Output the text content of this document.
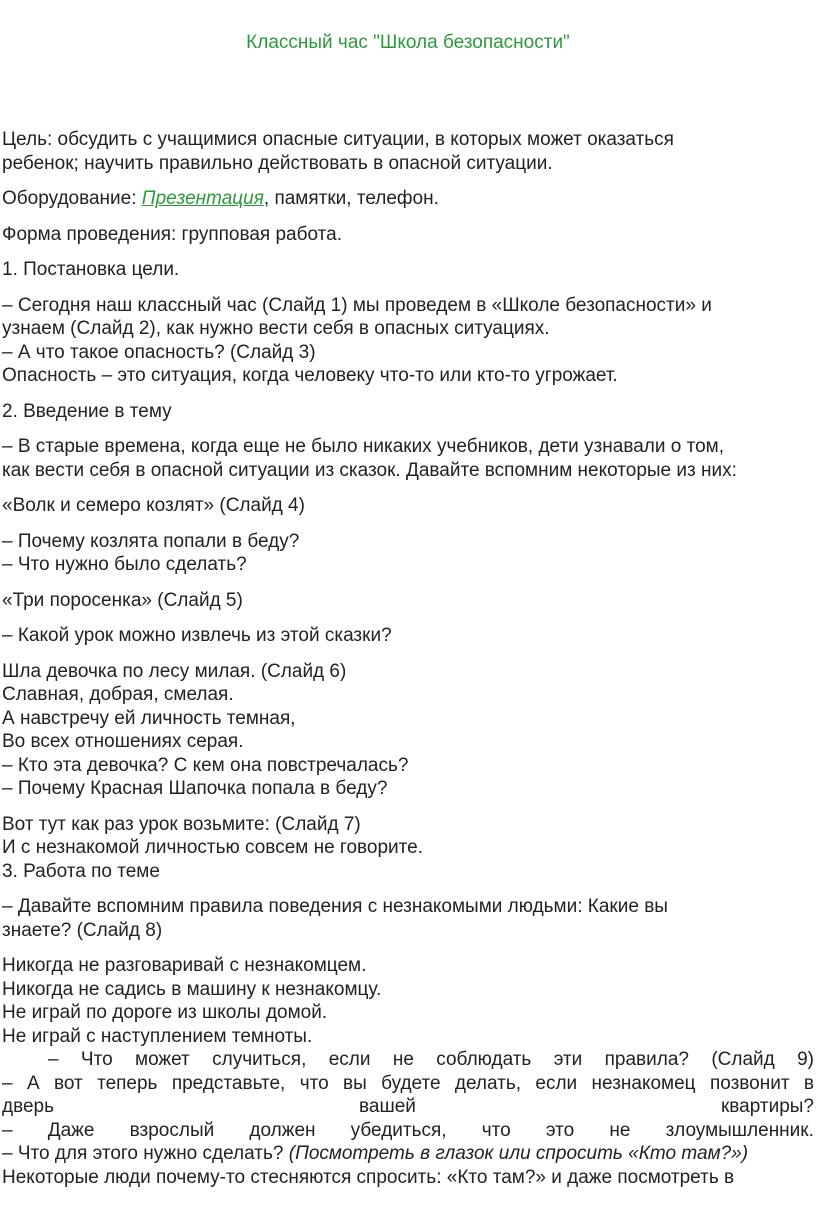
Классный час "Школа безопасности"
Цель: обсудить с учащимися опасные ситуации, в которых может оказаться
ребенок; научить правильно действовать в опасной ситуации.
Оборудование: Презентация, памятки, телефон.
Форма проведения: групповая работа.
1. Постановка цели.
– Сегодня наш классный час (Слайд 1) мы проведем в «Школе безопасности» и
узнаем (Слайд 2), как нужно вести себя в опасных ситуациях.
– А что такое опасность? (Слайд 3)
Опасность – это ситуация, когда человеку что-то или кто-то угрожает.
2. Введение в тему
– В старые времена, когда еще не было никаких учебников, дети узнавали о том,
как вести себя в опасной ситуации из сказок. Давайте вспомним некоторые из них:
«Волк и семеро козлят» (Слайд 4)
– Почему козлята попали в беду?
– Что нужно было сделать?
«Три поросенка» (Слайд 5)
– Какой урок можно извлечь из этой сказки?
Шла девочка по лесу милая. (Слайд 6)
Славная, добрая, смелая.
А навстречу ей личность темная,
Во всех отношениях серая.
– Кто эта девочка? С кем она повстречалась?
– Почему Красная Шапочка попала в беду?
Вот тут как раз урок возьмите: (Слайд 7)
И с незнакомой личностью совсем не говорите.
3. Работа по теме
– Давайте вспомним правила поведения с незнакомыми людьми: Какие вы
знаете? (Слайд 8)
Никогда не разговаривай с незнакомцем.
Никогда не садись в машину к незнакомцу.
Не играй по дороге из школы домой.
Не играй с наступлением темноты.
– Что может случиться, если не соблюдать эти правила? (Слайд 9)
– А вот теперь представьте, что вы будете делать, если незнакомец позвонит в
дверь	вашей	квартиры?
– Даже взрослый должен убедиться, что это не злоумышленник.
– Что для этого нужно сделать? (Посмотреть в глазок или спросить «Кто там?»)
Некоторые люди почему-то стесняются спросить: «Кто там?» и даже посмотреть в
